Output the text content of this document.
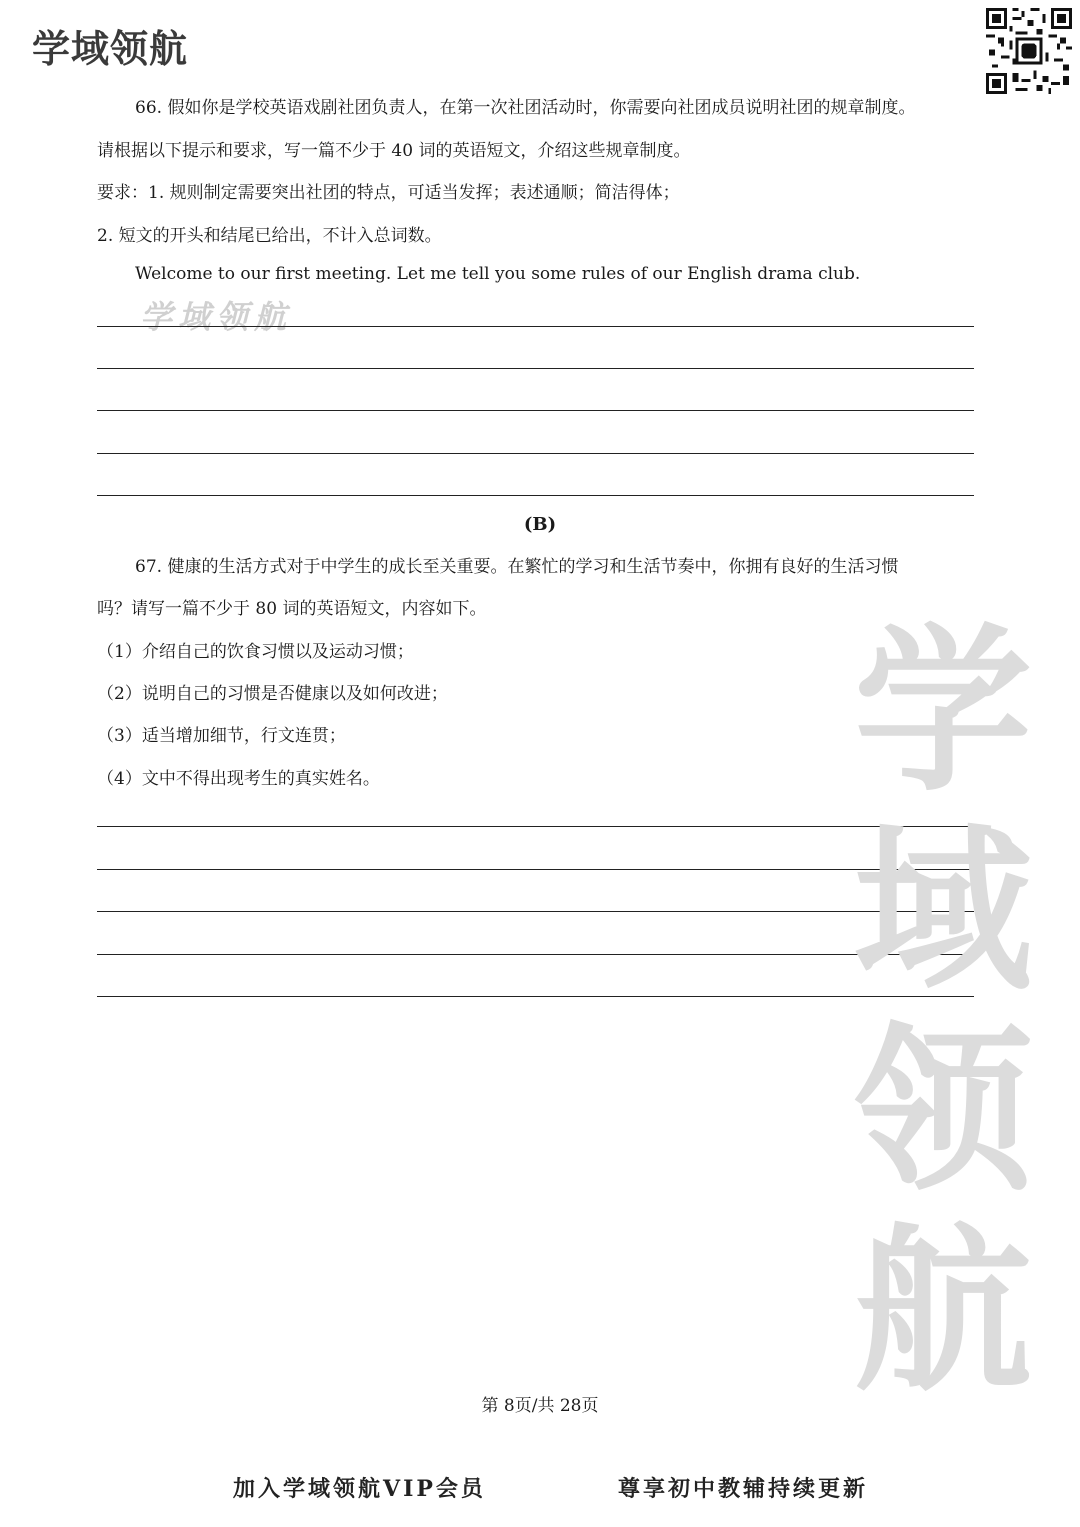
学域领航
66. 假如你是学校英语戏剧社团负责人，在第一次社团活动时，你需要向社团成员说明社团的规章制度。
请根据以下提示和要求，写一篇不少于 40 词的英语短文，介绍这些规章制度。
要求：1. 规则制定需要突出社团的特点，可适当发挥；表述通顺；简洁得体；
2. 短文的开头和结尾已给出，不计入总词数。
Welcome to our first meeting. Let me tell you some rules of our English drama club.
学域领航
(B)
67. 健康的生活方式对于中学生的成长至关重要。在繁忙的学习和生活节奏中，你拥有良好的生活习惯
吗？请写一篇不少于 80 词的英语短文，内容如下。
（1）介绍自己的饮食习惯以及运动习惯；
（2）说明自己的习惯是否健康以及如何改进；
（3）适当增加细节，行文连贯；
（4）文中不得出现考生的真实姓名。	学
域
领
航
第 8页/共 28页
加入学域领航VIP会员	尊享初中教辅持续更新
